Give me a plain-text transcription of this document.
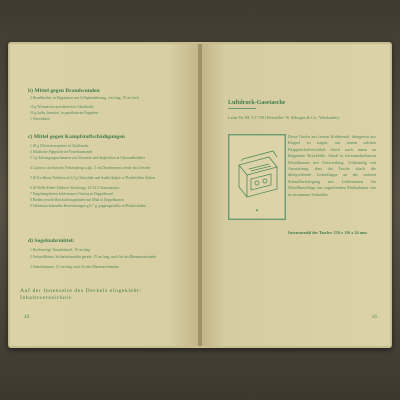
b) Mittel gegen Brandwunden
2 Brandbinden, in Pappkarton mit Cellophanüberzug, 4 m lang, 10 cm breit
10 g Wismutschwarztabletten in Glasflasche
20 g Salbe, keimfrei, in paraffinierter Pappdose
1 Streichkarte
c) Mittel gegen Kampfstoffschädigungen
1 20 g Chlorwasserpulver in Glasflasche
2 Alkalische Puppstifte im Porzellanmantel
3 5 g Aufsaugungsschmaren von Glasseide und dergleichen in Glasrundbehälter
4 Laschen, sterilisiertes Verbandzeug u.dgl., 5 cm Durchmesser; ferner das Gewebe
5 20 Kreißlaus-Tabletten in 2,5 g Glasschale und Saalkicktüpfe u. Plastiktellern Säfters
6 20 Wolle-Puder-Tableten- Kelchzugs, 10-12,5 Glasaufsatzes
7 Entgiftungsdosen kohlensaures Natrion in Doppelbeutel
8 Binden jeweils Beschichtungsbinden aus Mull in Doppelkarton
9 Tablettenschutzsalbe-Bezeichnungen g 6,7 g, pappengestellte in Plastikschalen
d) Sogelnahrmittel:
1 Hochwertige Tussenklausel, 10 cm lang
2 Verbandblatter, Sicherheitsnadeln gerade, 15 cm lang, nach Art des Rheumaverbandes
3 Sinterklammer, 15 cm lang, nach Art des Rheumaverbandes
Auf der Innenseite des Deckels eingeklebt:
Inhaltsverzeichnis
44
Luftdruck-Gasetasche
Lzsm-Nr. BL 5-17/39 (Hersteller: W. Söhngen & Co., Wiesbaden).
▲
Diese Tasche aus festem Korbbeutel, übergerüst aus Koppel zu tragen, aus einem solchen Klappdeckelverschluß durch nach innen zu klappende Druckfalle. Inhalt in herausnehmbarem Metallkasten mit Unterteilung. Vollständig mit Ausstattung, dass die Tasche durch die übergreifende Lederklappe an der unteren Schnallbefestigung mit Lederriemen für Metallbeschläge aus zugreifenden Maßnahmen vier in zusammen Schnallen.
Inventarzahl der Tasche: 216 x 116 x 54 mm.
45
